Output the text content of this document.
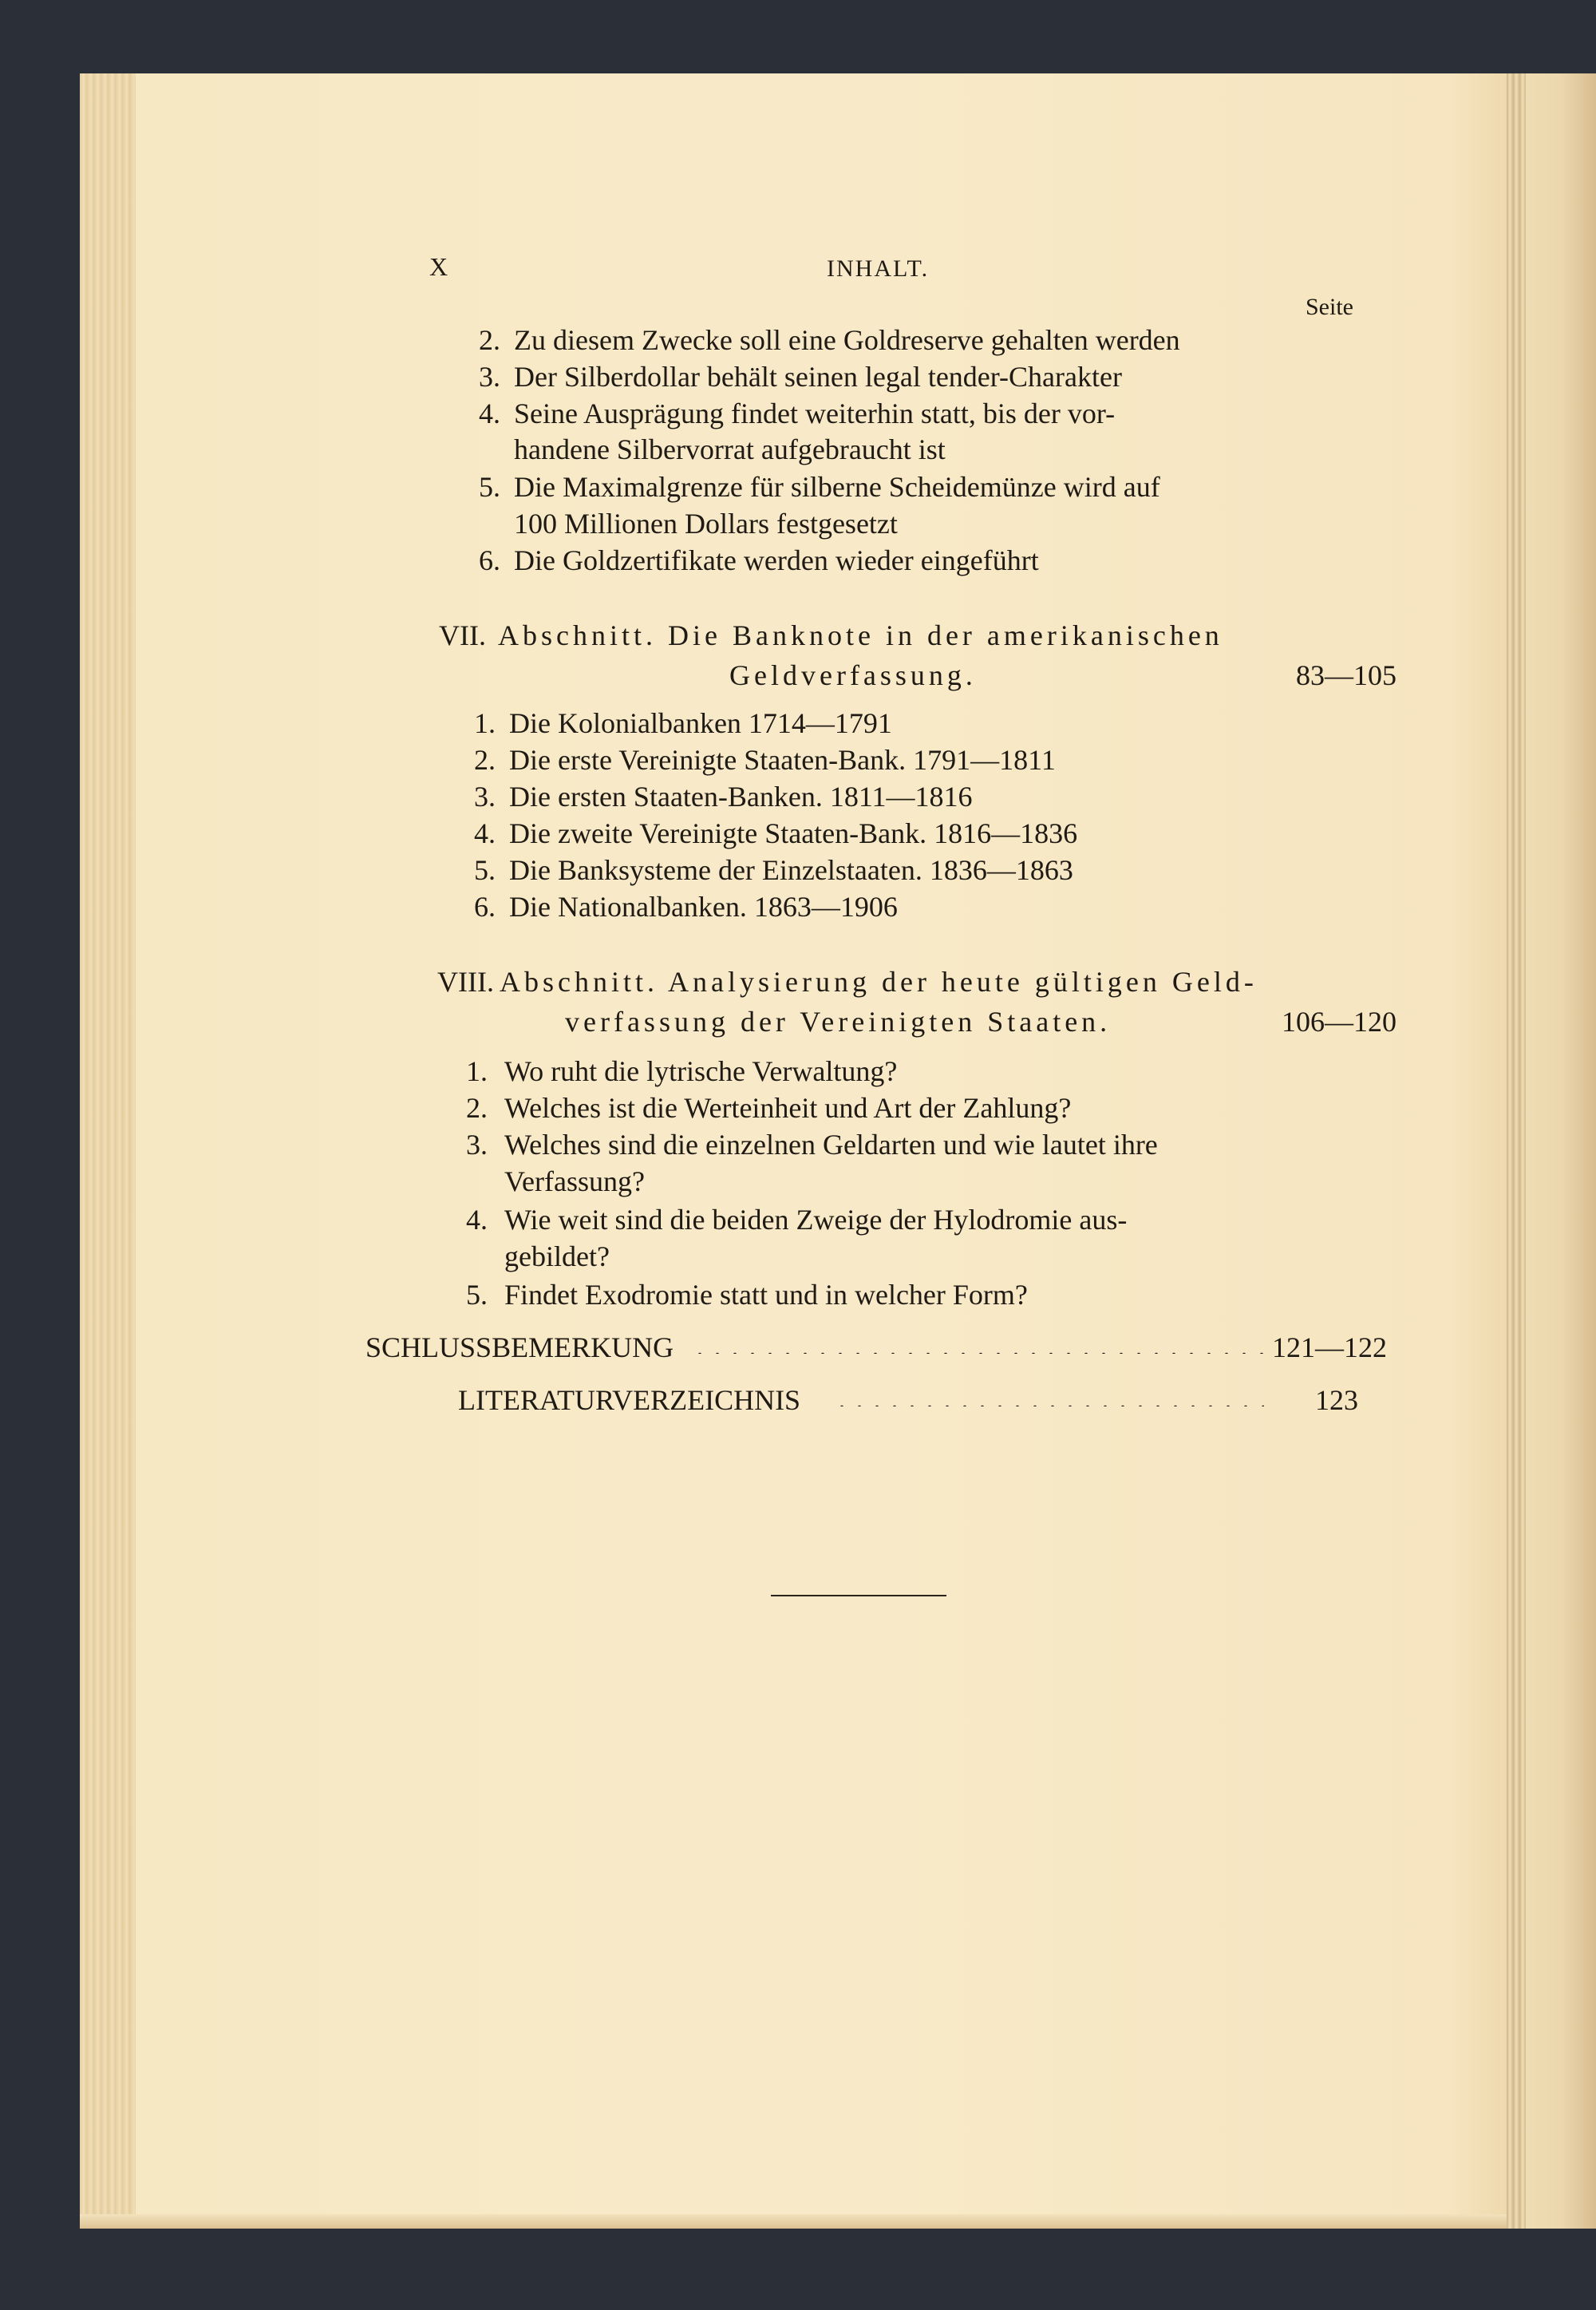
X	INHALT.
Seite
2. Zu diesem Zwecke soll eine Goldreserve gehalten werden
3. Der Silberdollar behält seinen legal tender-Charakter
4. Seine Ausprägung findet weiterhin statt, bis der vor-
handene Silbervorrat aufgebraucht ist
5. Die Maximalgrenze für silberne Scheidemünze wird auf
100 Millionen Dollars festgesetzt
6. Die Goldzertifikate werden wieder eingeführt
VII. Abschnitt. Die Banknote in der amerikanischen
Geldverfassung.	83—105
1. Die Kolonialbanken 1714—1791
2. Die erste Vereinigte Staaten-Bank. 1791—1811
3. Die ersten Staaten-Banken. 1811—1816
4. Die zweite Vereinigte Staaten-Bank. 1816—1836
5. Die Banksysteme der Einzelstaaten. 1836—1863
6. Die Nationalbanken. 1863—1906
VIII. Abschnitt. Analysierung der heute gültigen Geld-
verfassung der Vereinigten Staaten.	106—120
1. Wo ruht die lytrische Verwaltung?
2. Welches ist die Werteinheit und Art der Zahlung?
3. Welches sind die einzelnen Geldarten und wie lautet ihre
Verfassung?
4. Wie weit sind die beiden Zweige der Hylodromie aus-
gebildet?
5. Findet Exodromie statt und in welcher Form?
SCHLUSSBEMERKUNG	121—122
LITERATURVERZEICHNIS	123
